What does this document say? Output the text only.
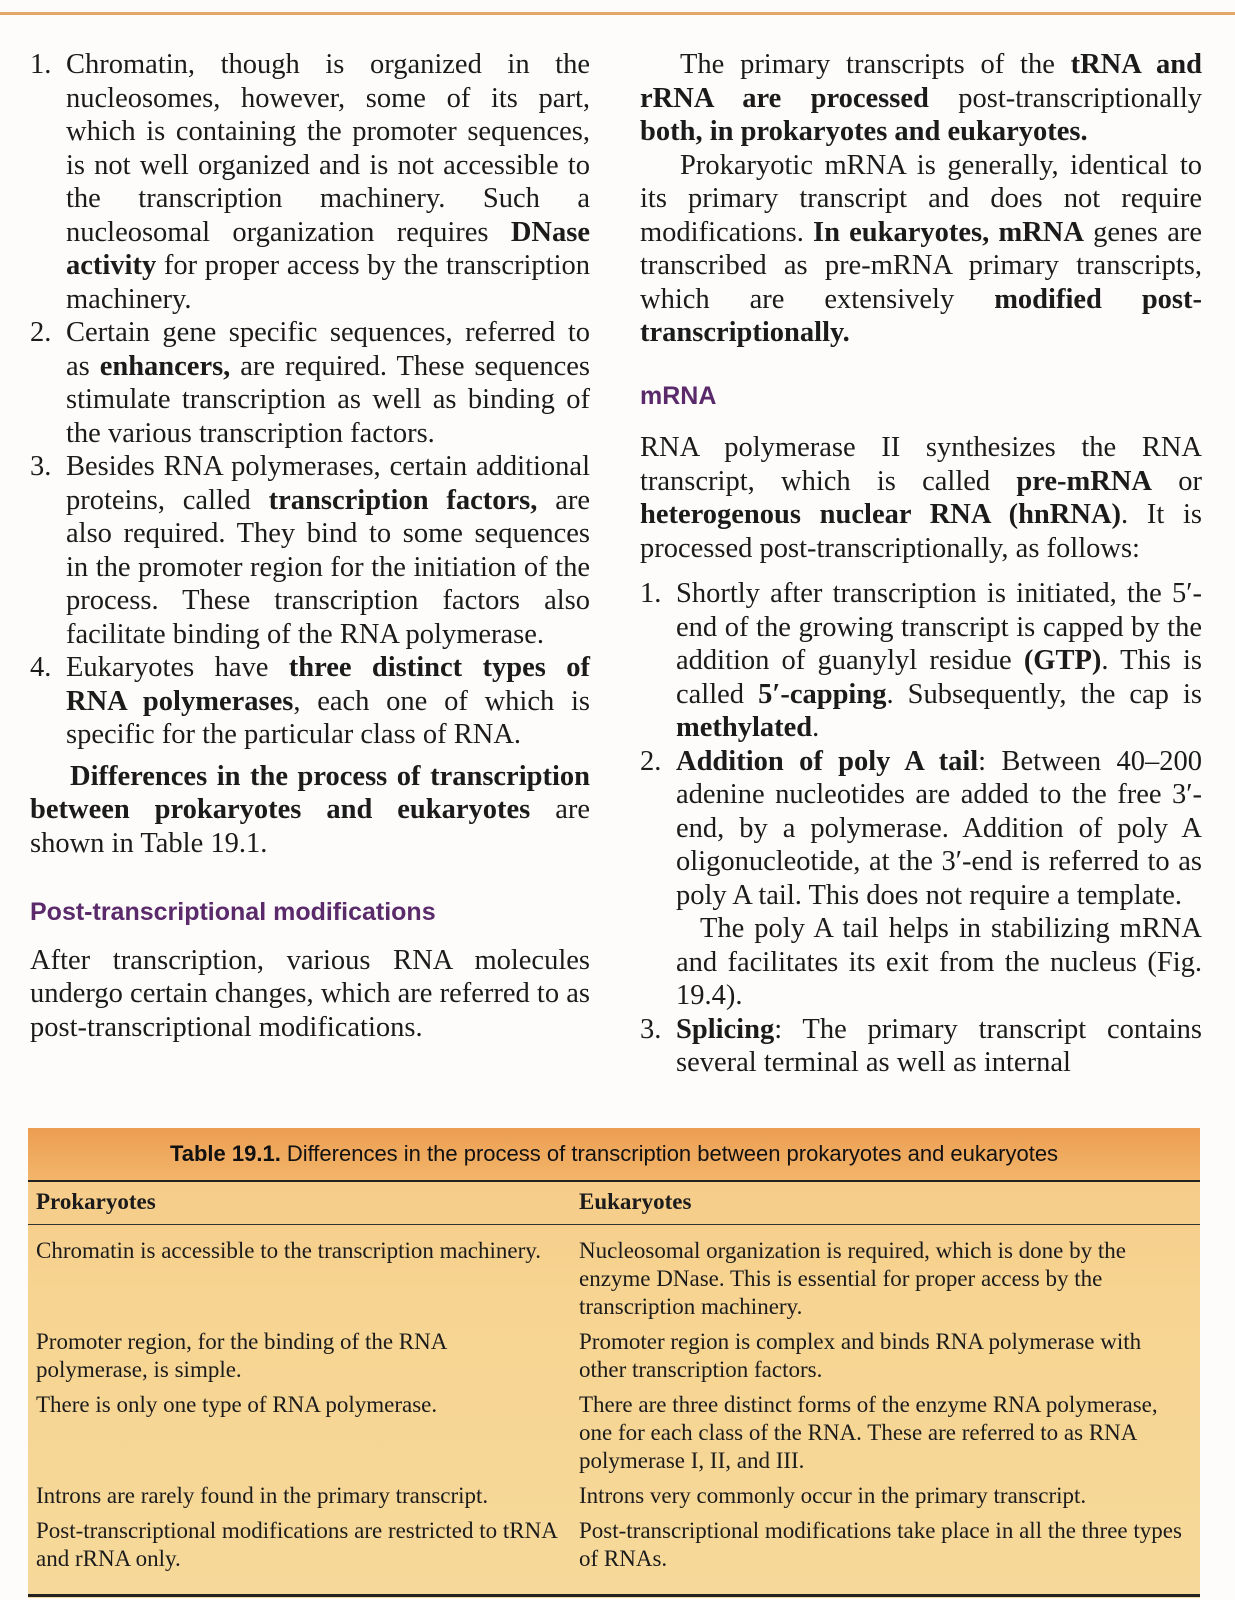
1. Chromatin, though is organized in the nucleosomes, however, some of its part, which is containing the promoter sequences, is not well organized and is not accessible to the transcription machinery. Such a nucleosomal organization requires DNase activity for proper access by the transcription machinery.
2. Certain gene specific sequences, referred to as enhancers, are required. These sequences stimulate transcription as well as binding of the various transcription factors.
3. Besides RNA polymerases, certain additional proteins, called transcription factors, are also required. They bind to some sequences in the promoter region for the initiation of the process. These transcription factors also facilitate binding of the RNA polymerase.
4. Eukaryotes have three distinct types of RNA polymerases, each one of which is specific for the particular class of RNA.

Differences in the process of transcription between prokaryotes and eukaryotes are shown in Table 19.1.

Post-transcriptional modifications

After transcription, various RNA molecules undergo certain changes, which are referred to as post-transcriptional modifications.

The primary transcripts of the tRNA and rRNA are processed post-transcriptionally both, in prokaryotes and eukaryotes.

Prokaryotic mRNA is generally, identical to its primary transcript and does not require modifications. In eukaryotes, mRNA genes are transcribed as pre-mRNA primary transcripts, which are extensively modified post-transcriptionally.

mRNA

RNA polymerase II synthesizes the RNA transcript, which is called pre-mRNA or heterogenous nuclear RNA (hnRNA). It is processed post-transcriptionally, as follows:

1. Shortly after transcription is initiated, the 5′-end of the growing transcript is capped by the addition of guanylyl residue (GTP). This is called 5′-capping. Subsequently, the cap is methylated.
2. Addition of poly A tail: Between 40–200 adenine nucleotides are added to the free 3′-end, by a polymerase. Addition of poly A oligonucleotide, at the 3′-end is referred to as poly A tail. This does not require a template.

The poly A tail helps in stabilizing mRNA and facilitates its exit from the nucleus (Fig. 19.4).

3. Splicing: The primary transcript contains several terminal as well as internal
Table 19.1. Differences in the process of transcription between prokaryotes and eukaryotes
Prokaryotes	Eukaryotes
Chromatin is accessible to the transcription machinery.	Nucleosomal organization is required, which is done by the enzyme DNase. This is essential for proper access by the transcription machinery.
Promoter region, for the binding of the RNA polymerase, is simple.	Promoter region is complex and binds RNA polymerase with other transcription factors.
There is only one type of RNA polymerase.	There are three distinct forms of the enzyme RNA polymerase, one for each class of the RNA. These are referred to as RNA polymerase I, II, and III.
Introns are rarely found in the primary transcript.	Introns very commonly occur in the primary transcript.
Post-transcriptional modifications are restricted to tRNA and rRNA only.	Post-transcriptional modifications take place in all the three types of RNAs.
